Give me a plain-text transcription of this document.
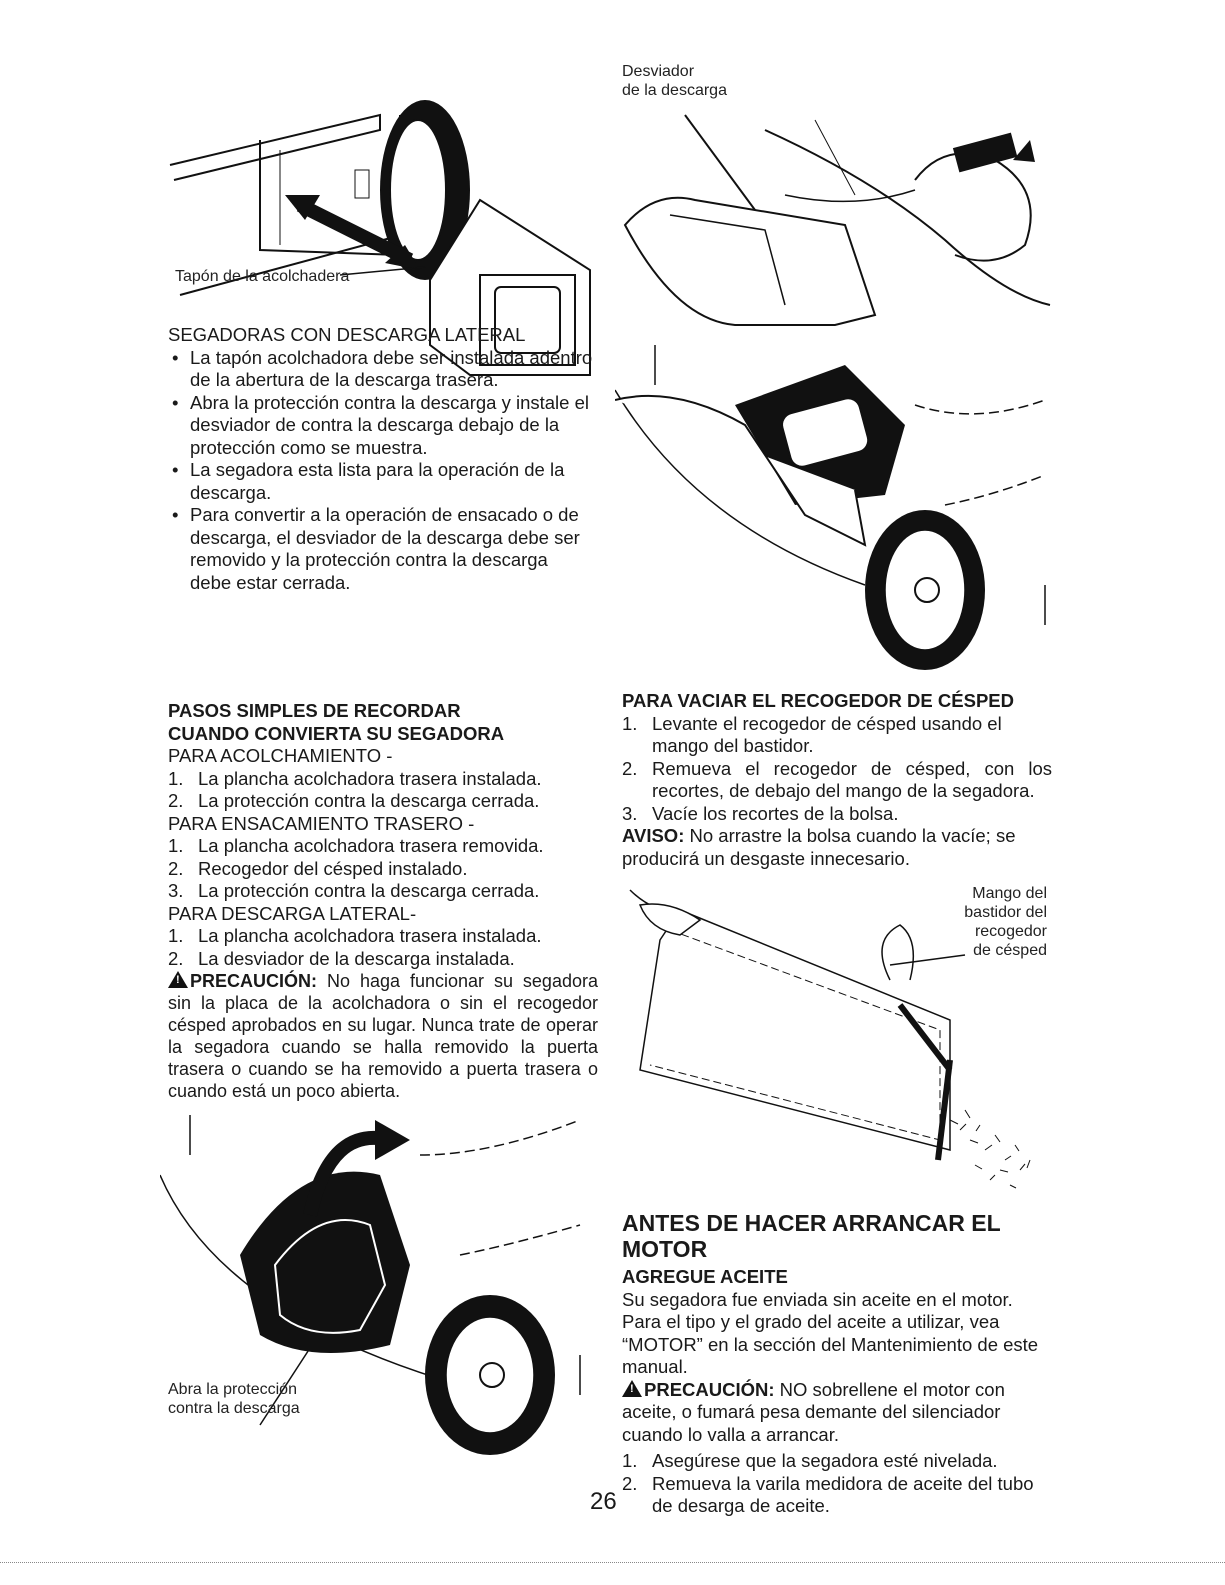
Tapón de la acolchadera
Desviador
de la descarga
SEGADORAS CON DESCARGA LATERAL
• La tapón acolchadora debe ser instalada adentro de la abertura de la descarga trasera.
• Abra la protección contra la descarga y instale el desviador de contra la descarga debajo de la protección como se muestra.
• La segadora esta lista para la operación de la descarga.
• Para convertir a la operación de ensacado o de descarga, el desviador de la descarga debe ser removido y la protección contra la descarga debe estar cerrada.
PASOS SIMPLES DE RECORDAR
CUANDO CONVIERTA SU SEGADORA
PARA ACOLCHAMIENTO -
1. La plancha acolchadora trasera instalada.
2. La protección contra la descarga cerrada.
PARA ENSACAMIENTO TRASERO -
1. La plancha acolchadora trasera removida.
2. Recogedor del césped instalado.
3. La protección contra la descarga cerrada.
PARA DESCARGA LATERAL-
1. La plancha acolchadora trasera instalada.
2. La desviador de la descarga instalada.
!PRECAUCIÓN: No haga funcionar su segadora sin la placa de la acolchadora o sin el recogedor césped aprobados en su lugar. Nunca trate de operar la segadora cuando se halla removido la puerta trasera o cuando se ha removido a puerta trasera o cuando está un poco abierta.
Abra la protección
contra la descarga
PARA VACIAR EL RECOGEDOR DE CÉSPED
1. Levante el recogedor de césped usando el mango del bastidor.
2. Remueva el recogedor de césped, con los recortes, de debajo del mango de la segadora.
3. Vacíe los recortes de la bolsa.
AVISO: No arrastre la bolsa cuando la vacíe; se producirá un desgaste innecesario.
Mango del
bastidor del
recogedor
de césped
ANTES DE HACER ARRANCAR EL
MOTOR
AGREGUE ACEITE
Su segadora fue enviada sin aceite en el motor. Para el tipo y el grado del aceite a utilizar, vea “MOTOR” en la sección del Mantenimiento de este manual.
!PRECAUCIÓN: NO sobrellene el motor con aceite, o fumará pesa demante del silenciador cuando lo valla a arrancar.
1. Asegúrese que la segadora esté nivelada.
2. Remueva la varila medidora de aceite del tubo de desarga de aceite.
26
